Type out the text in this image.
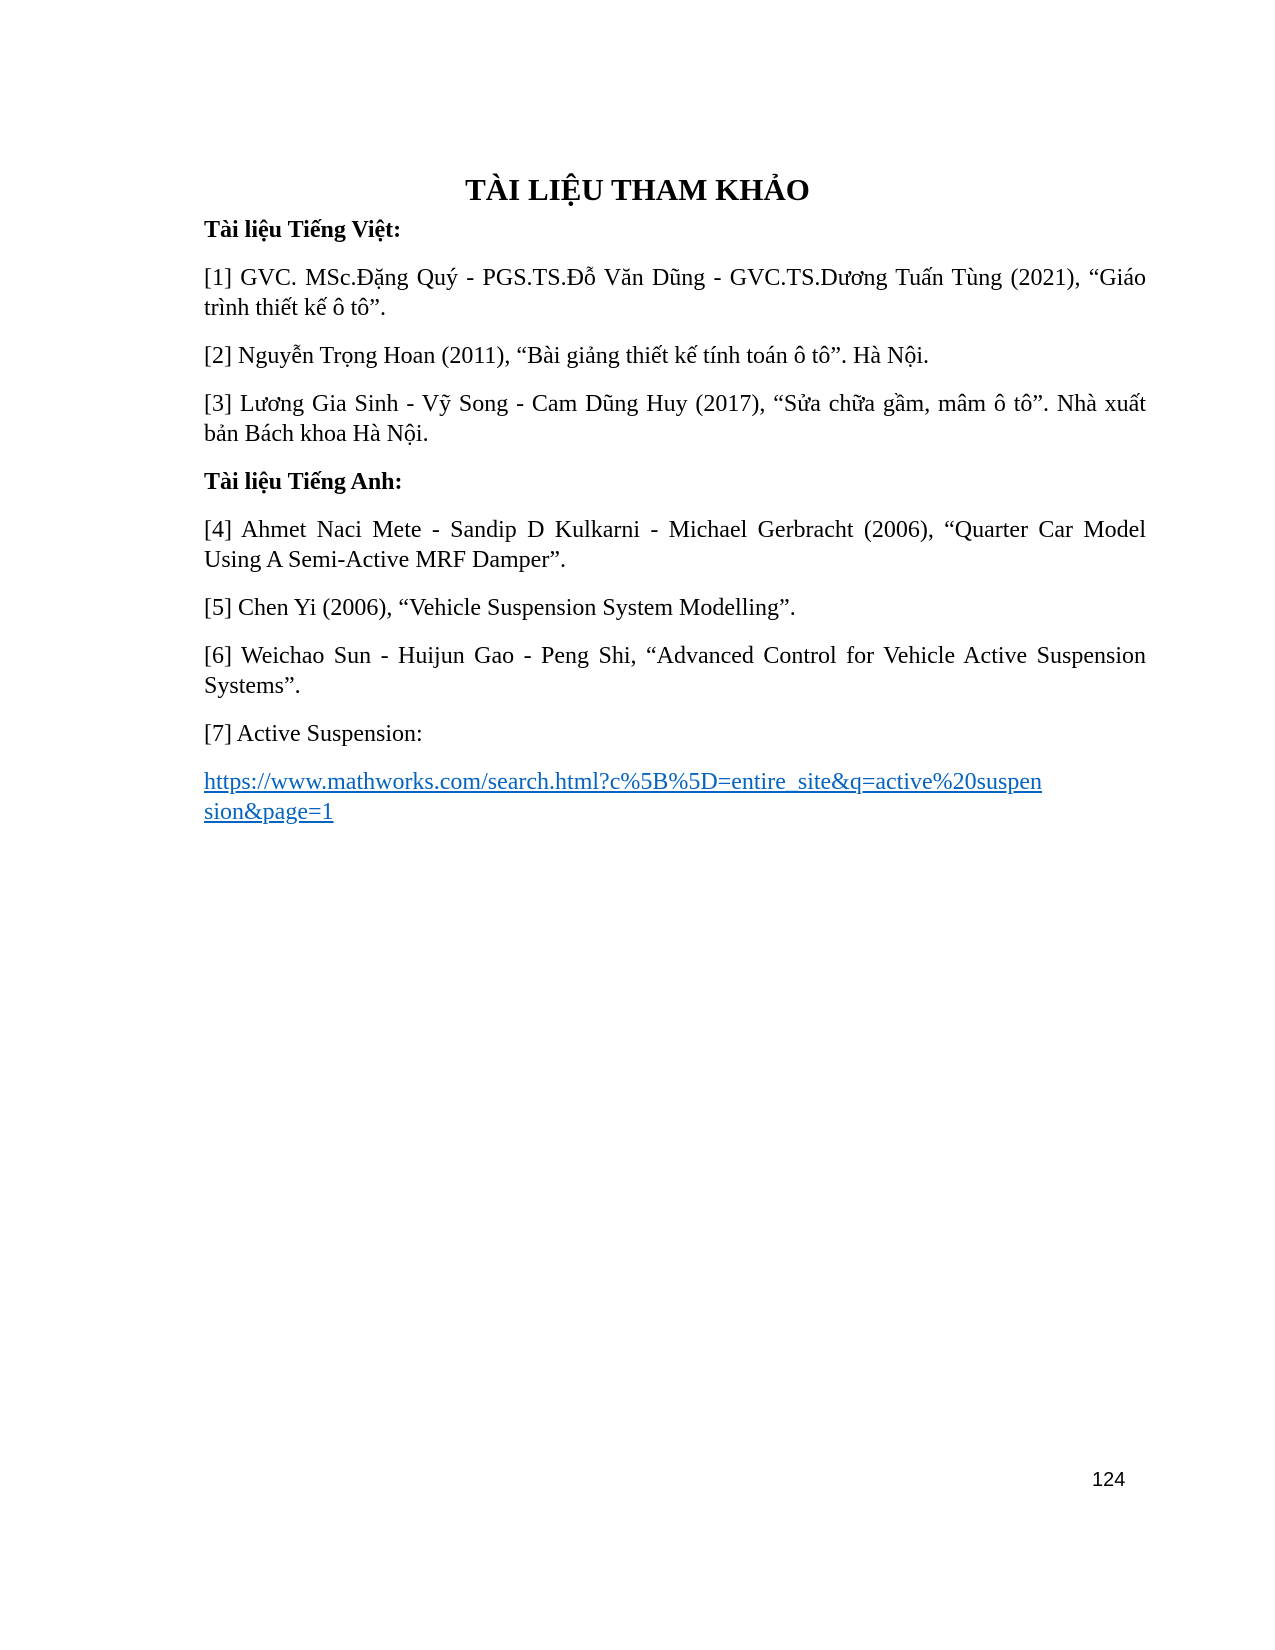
TÀI LIỆU THAM KHẢO
Tài liệu Tiếng Việt:

[1] GVC. MSc.Đặng Quý - PGS.TS.Đỗ Văn Dũng - GVC.TS.Dương Tuấn Tùng (2021), “Giáo trình thiết kế ô tô”.

[2] Nguyễn Trọng Hoan (2011), “Bài giảng thiết kế tính toán ô tô”. Hà Nội.

[3] Lương Gia Sinh - Vỹ Song - Cam Dũng Huy (2017), “Sửa chữa gầm, mâm ô tô”. Nhà xuất bản Bách khoa Hà Nội.

Tài liệu Tiếng Anh:

[4] Ahmet Naci Mete - Sandip D Kulkarni - Michael Gerbracht (2006), “Quarter Car Model Using A Semi-Active MRF Damper”.

[5] Chen Yi (2006), “Vehicle Suspension System Modelling”.

[6] Weichao Sun - Huijun Gao - Peng Shi, “Advanced Control for Vehicle Active Suspension Systems”.

[7] Active Suspension:

https://www.mathworks.com/search.html?c%5B%5D=entire_site&q=active%20suspen
sion&page=1
124
